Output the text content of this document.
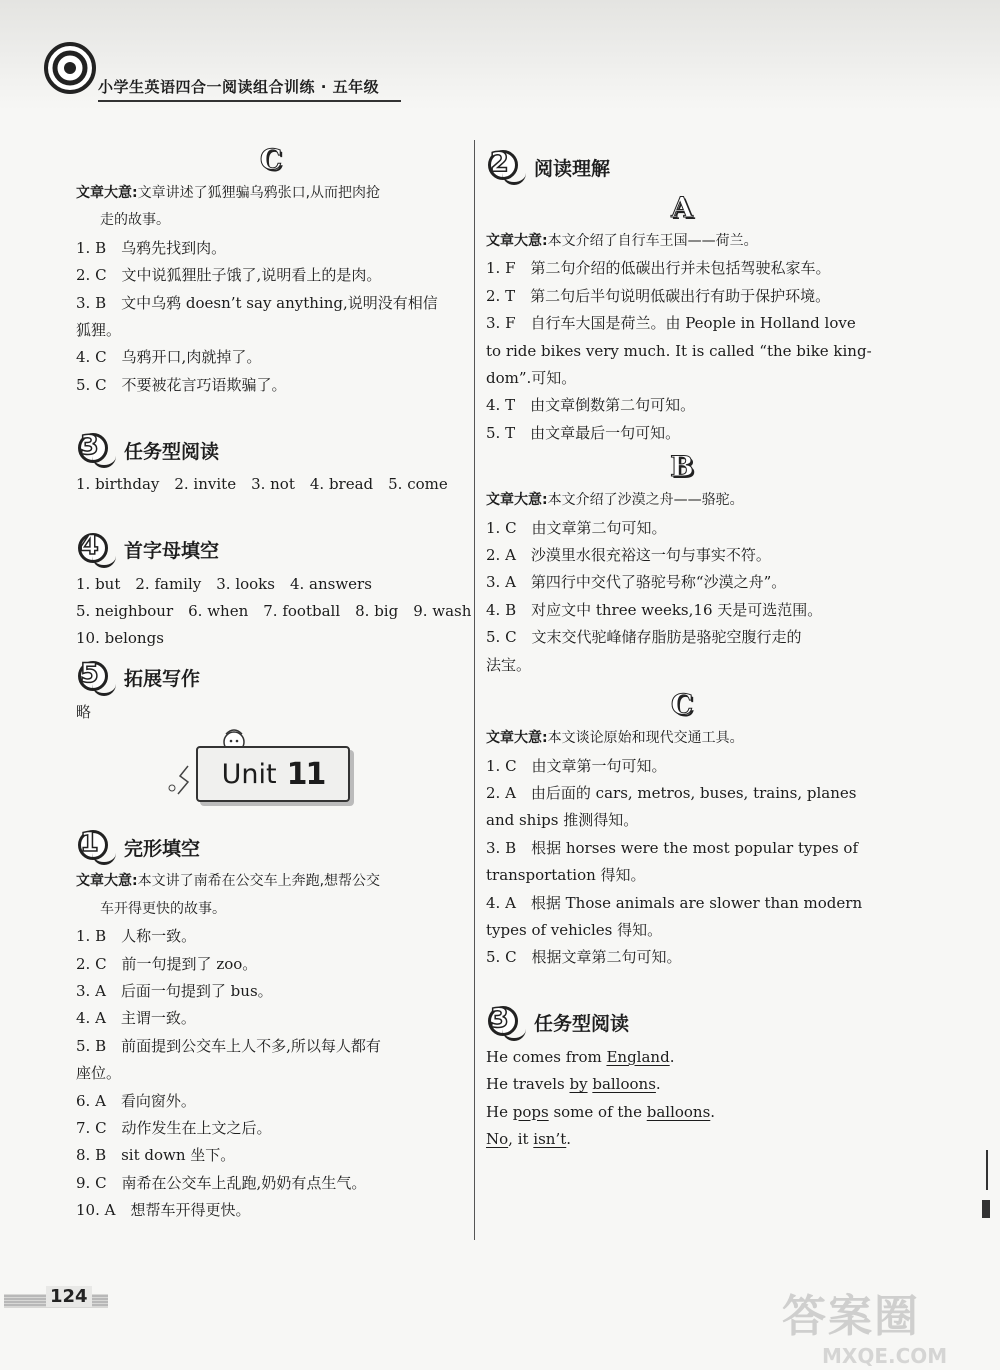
小学生英语四合一阅读组合训练 · 五年级
C
文章大意:文章讲述了狐狸骗乌鸦张口,从而把肉抢
走的故事。
1. B　乌鸦先找到肉。
2. C　文中说狐狸肚子饿了,说明看上的是肉。
3. B　文中乌鸦 doesn’t say anything,说明没有相信
狐狸。
4. C　乌鸦开口,肉就掉了。
5. C　不要被花言巧语欺骗了。
3 任务型阅读
1. birthday　2. invite　3. not　4. bread　5. come
4 首字母填空
1. but　2. family　3. looks　4. answers
5. neighbour　6. when　7. football　8. big　9. wash
10. belongs
5 拓展写作
略
Unit 11
1 完形填空
文章大意:本文讲了南希在公交车上奔跑,想帮公交
车开得更快的故事。
1. B　人称一致。
2. C　前一句提到了 zoo。
3. A　后面一句提到了 bus。
4. A　主谓一致。
5. B　前面提到公交车上人不多,所以每人都有
座位。
6. A　看向窗外。
7. C　动作发生在上文之后。
8. B　sit down 坐下。
9. C　南希在公交车上乱跑,奶奶有点生气。
10. A　想帮车开得更快。
2 阅读理解
A
文章大意:本文介绍了自行车王国——荷兰。
1. F　第二句介绍的低碳出行并未包括驾驶私家车。
2. T　第二句后半句说明低碳出行有助于保护环境。
3. F　自行车大国是荷兰。由 People in Holland love
to ride bikes very much. It is called “the bike king-
dom”.可知。
4. T　由文章倒数第二句可知。
5. T　由文章最后一句可知。
B
文章大意:本文介绍了沙漠之舟——骆驼。
1. C　由文章第二句可知。
2. A　沙漠里水很充裕这一句与事实不符。
3. A　第四行中交代了骆驼号称“沙漠之舟”。
4. B　对应文中 three weeks,16 天是可选范围。
5. C　文末交代驼峰储存脂肪是骆驼空腹行走的
法宝。
C
文章大意:本文谈论原始和现代交通工具。
1. C　由文章第一句可知。
2. A　由后面的 cars, metros, buses, trains, planes
and ships 推测得知。
3. B　根据 horses were the most popular types of
transportation 得知。
4. A　根据 Those animals are slower than modern
types of vehicles 得知。
5. C　根据文章第二句可知。
3 任务型阅读
He comes from England.
He travels by balloons.
He pops some of the balloons.
No, it isn’t.
124	答案圈
MXQE.COM
